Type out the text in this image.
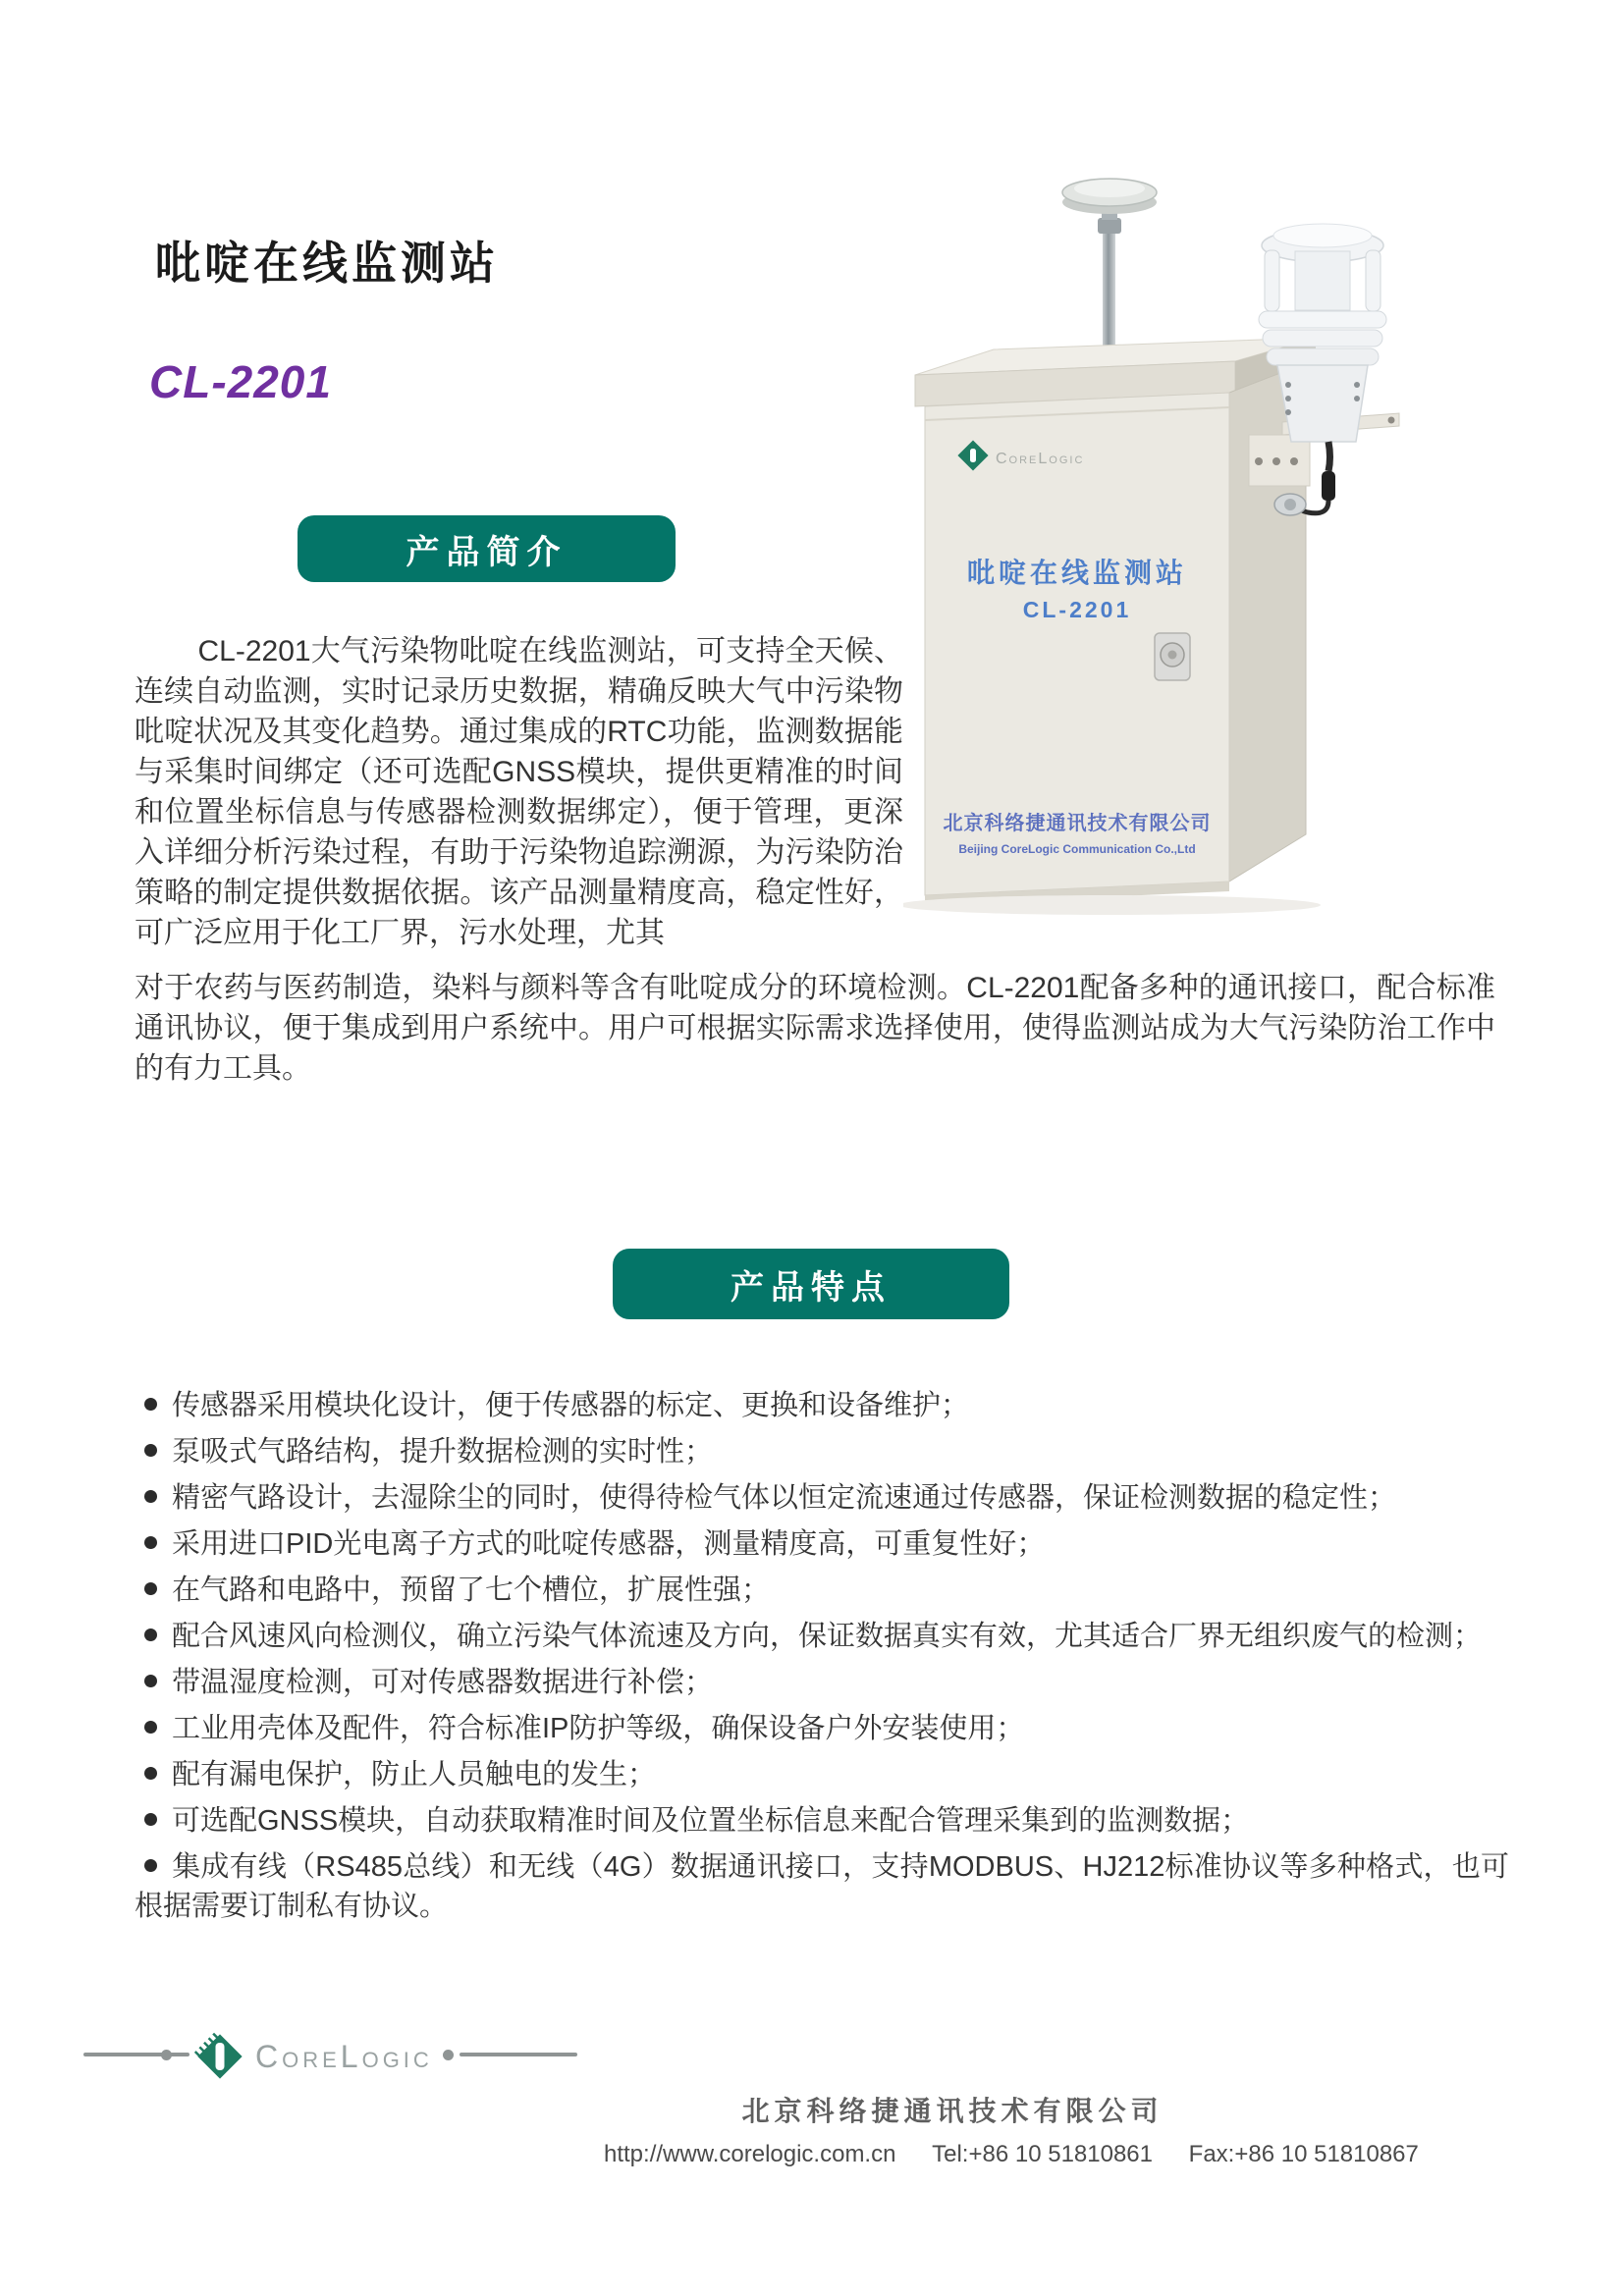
吡啶在线监测站
CL-2201
CoreLogic
吡啶在线监测站
CL-2201
北京科络捷通讯技术有限公司
Beijing CoreLogic Communication Co.,Ltd
产品简介
CL-2201大气污染物吡啶在线监测站，可支持全天候、连续自动监测，实时记录历史数据，精确反映大气中污染物吡啶状况及其变化趋势。通过集成的RTC功能，监测数据能与采集时间绑定（还可选配GNSS模块，提供更精准的时间和位置坐标信息与传感器检测数据绑定），便于管理，更深入详细分析污染过程，有助于污染物追踪溯源，为污染防治策略的制定提供数据依据。该产品测量精度高，稳定性好，可广泛应用于化工厂界，污水处理，尤其
对于农药与医药制造，染料与颜料等含有吡啶成分的环境检测。CL-2201配备多种的通讯接口，配合标准通讯协议，便于集成到用户系统中。用户可根据实际需求选择使用，使得监测站成为大气污染防治工作中的有力工具。
产品特点
传感器采用模块化设计，便于传感器的标定、更换和设备维护；
泵吸式气路结构，提升数据检测的实时性；
精密气路设计，去湿除尘的同时，使得待检气体以恒定流速通过传感器，保证检测数据的稳定性；
采用进口PID光电离子方式的吡啶传感器，测量精度高，可重复性好；
在气路和电路中，预留了七个槽位，扩展性强；
配合风速风向检测仪，确立污染气体流速及方向，保证数据真实有效，尤其适合厂界无组织废气的检测；
带温湿度检测，可对传感器数据进行补偿；
工业用壳体及配件，符合标准IP防护等级，确保设备户外安装使用；
配有漏电保护，防止人员触电的发生；
可选配GNSS模块，自动获取精准时间及位置坐标信息来配合管理采集到的监测数据；
集成有线（RS485总线）和无线（4G）数据通讯接口，支持MODBUS、HJ212标准协议等多种格式，也可根据需要订制私有协议。
CoreLogic
北京科络捷通讯技术有限公司
http://www.corelogic.com.cn Tel:+86 10 51810861 Fax:+86 10 51810867
